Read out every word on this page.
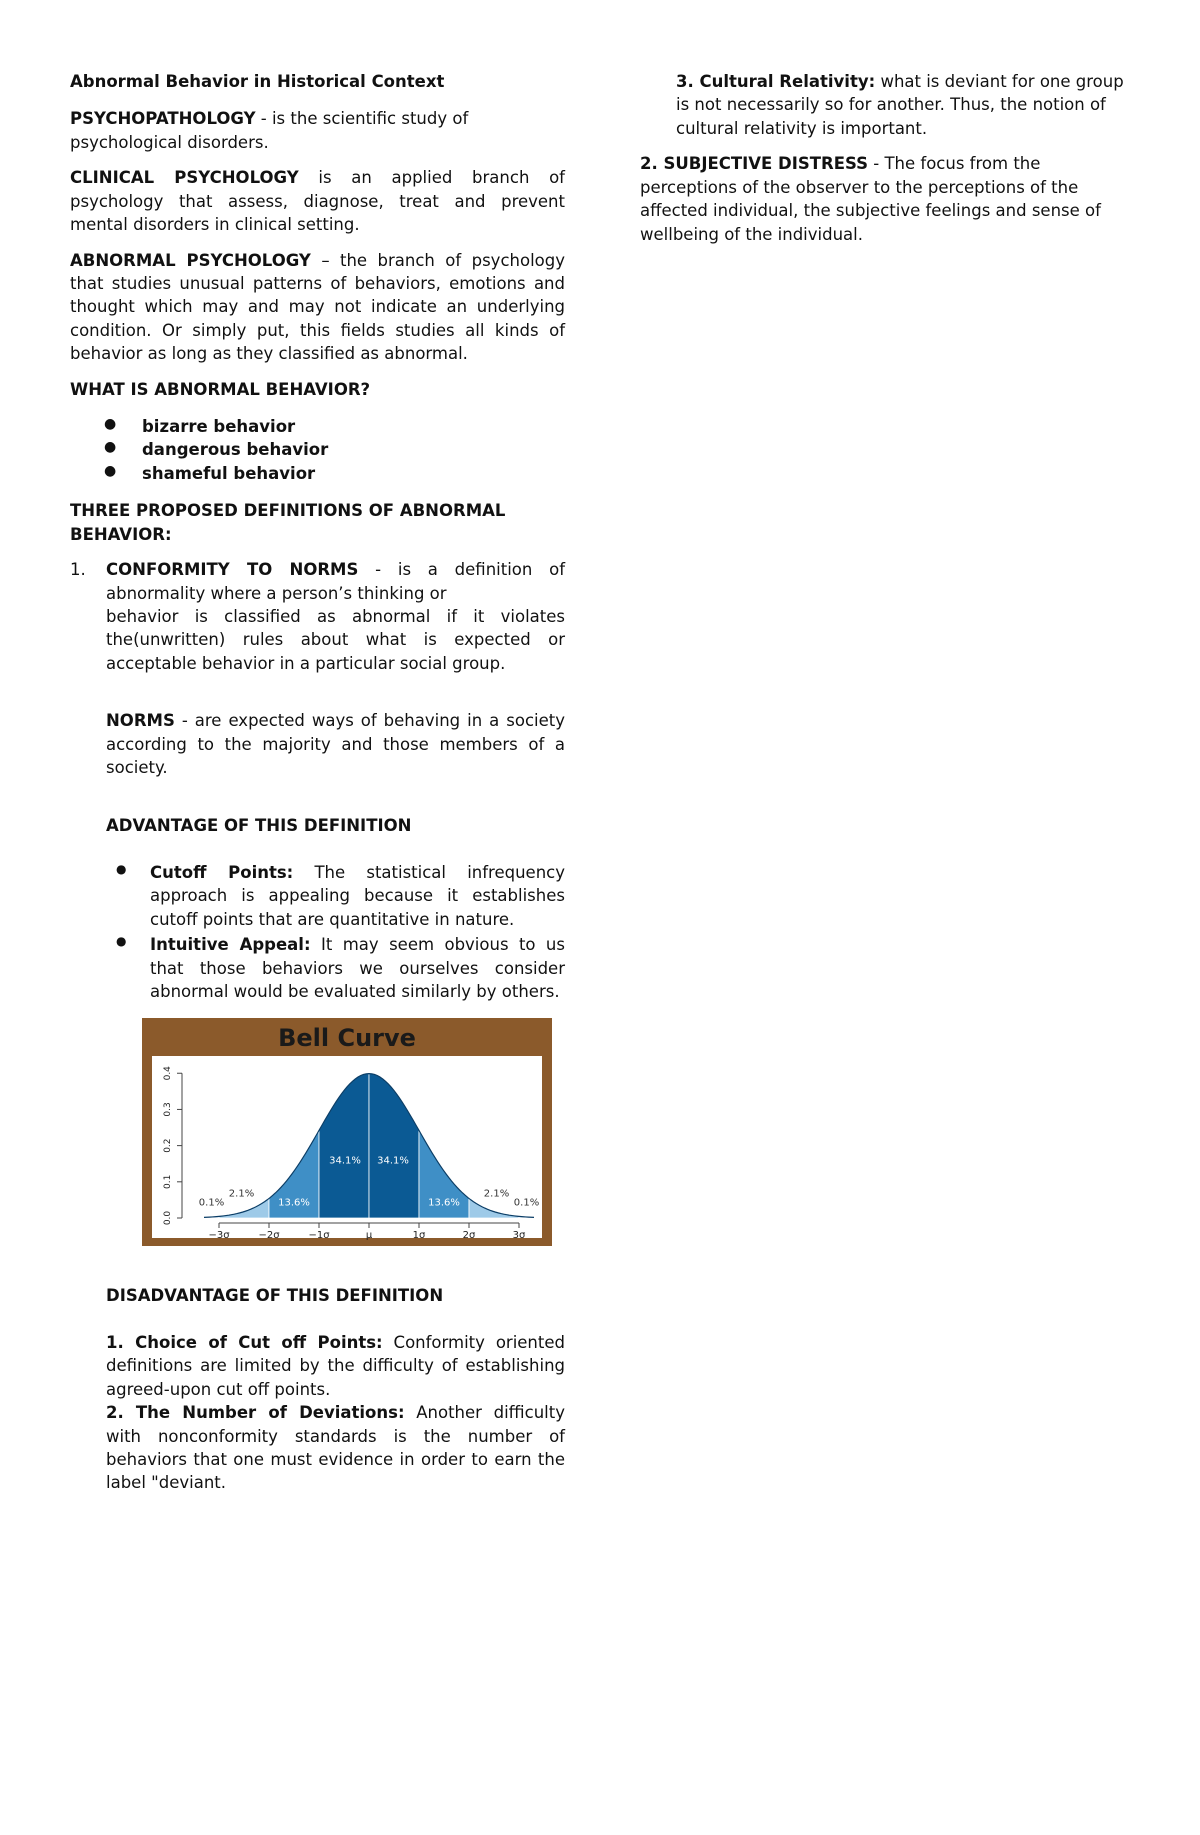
Abnormal Behavior in Historical Context

PSYCHOPATHOLOGY - is the scientific study of psychological disorders.

CLINICAL PSYCHOLOGY is an applied branch of psychology that assess, diagnose, treat and prevent mental disorders in clinical setting.

ABNORMAL PSYCHOLOGY – the branch of psychology that studies unusual patterns of behaviors, emotions and thought which may and may not indicate an underlying condition. Or simply put, this fields studies all kinds of behavior as long as they classified as abnormal.

WHAT IS ABNORMAL BEHAVIOR?

● bizarre behavior
● dangerous behavior
● shameful behavior

THREE PROPOSED DEFINITIONS OF ABNORMAL BEHAVIOR:

1. CONFORMITY TO NORMS - is a definition of abnormality where a person’s thinking or

behavior is classified as abnormal if it violates the(unwritten) rules about what is expected or acceptable behavior in a particular social group.

NORMS - are expected ways of behaving in a society according to the majority and those members of a society.

ADVANTAGE OF THIS DEFINITION

● Cutoff Points: The statistical infrequency approach is appealing because it establishes cutoff points that are quantitative in nature.
● Intuitive Appeal: It may seem obvious to us that those behaviors we ourselves consider abnormal would be evaluated similarly by others.
Bell Curve
0.1%
2.1%
13.6%
34.1% 34.1%
13.6%
2.1%
0.1%
−3σ	−2σ	−1σ	μ	1σ	2σ	3σ
0.0
0.1
0.2
0.3
0.4

DISADVANTAGE OF THIS DEFINITION

1. Choice of Cut off Points: Conformity oriented definitions are limited by the difficulty of establishing agreed-upon cut off points.

2. The Number of Deviations: Another difficulty with nonconformity standards is the number of behaviors that one must evidence in order to earn the label "deviant.

3. Cultural Relativity: what is deviant for one group is not necessarily so for another. Thus, the notion of cultural relativity is important.

2. SUBJECTIVE DISTRESS - The focus from the perceptions of the observer to the perceptions of the affected individual, the subjective feelings and sense of wellbeing of the individual.
